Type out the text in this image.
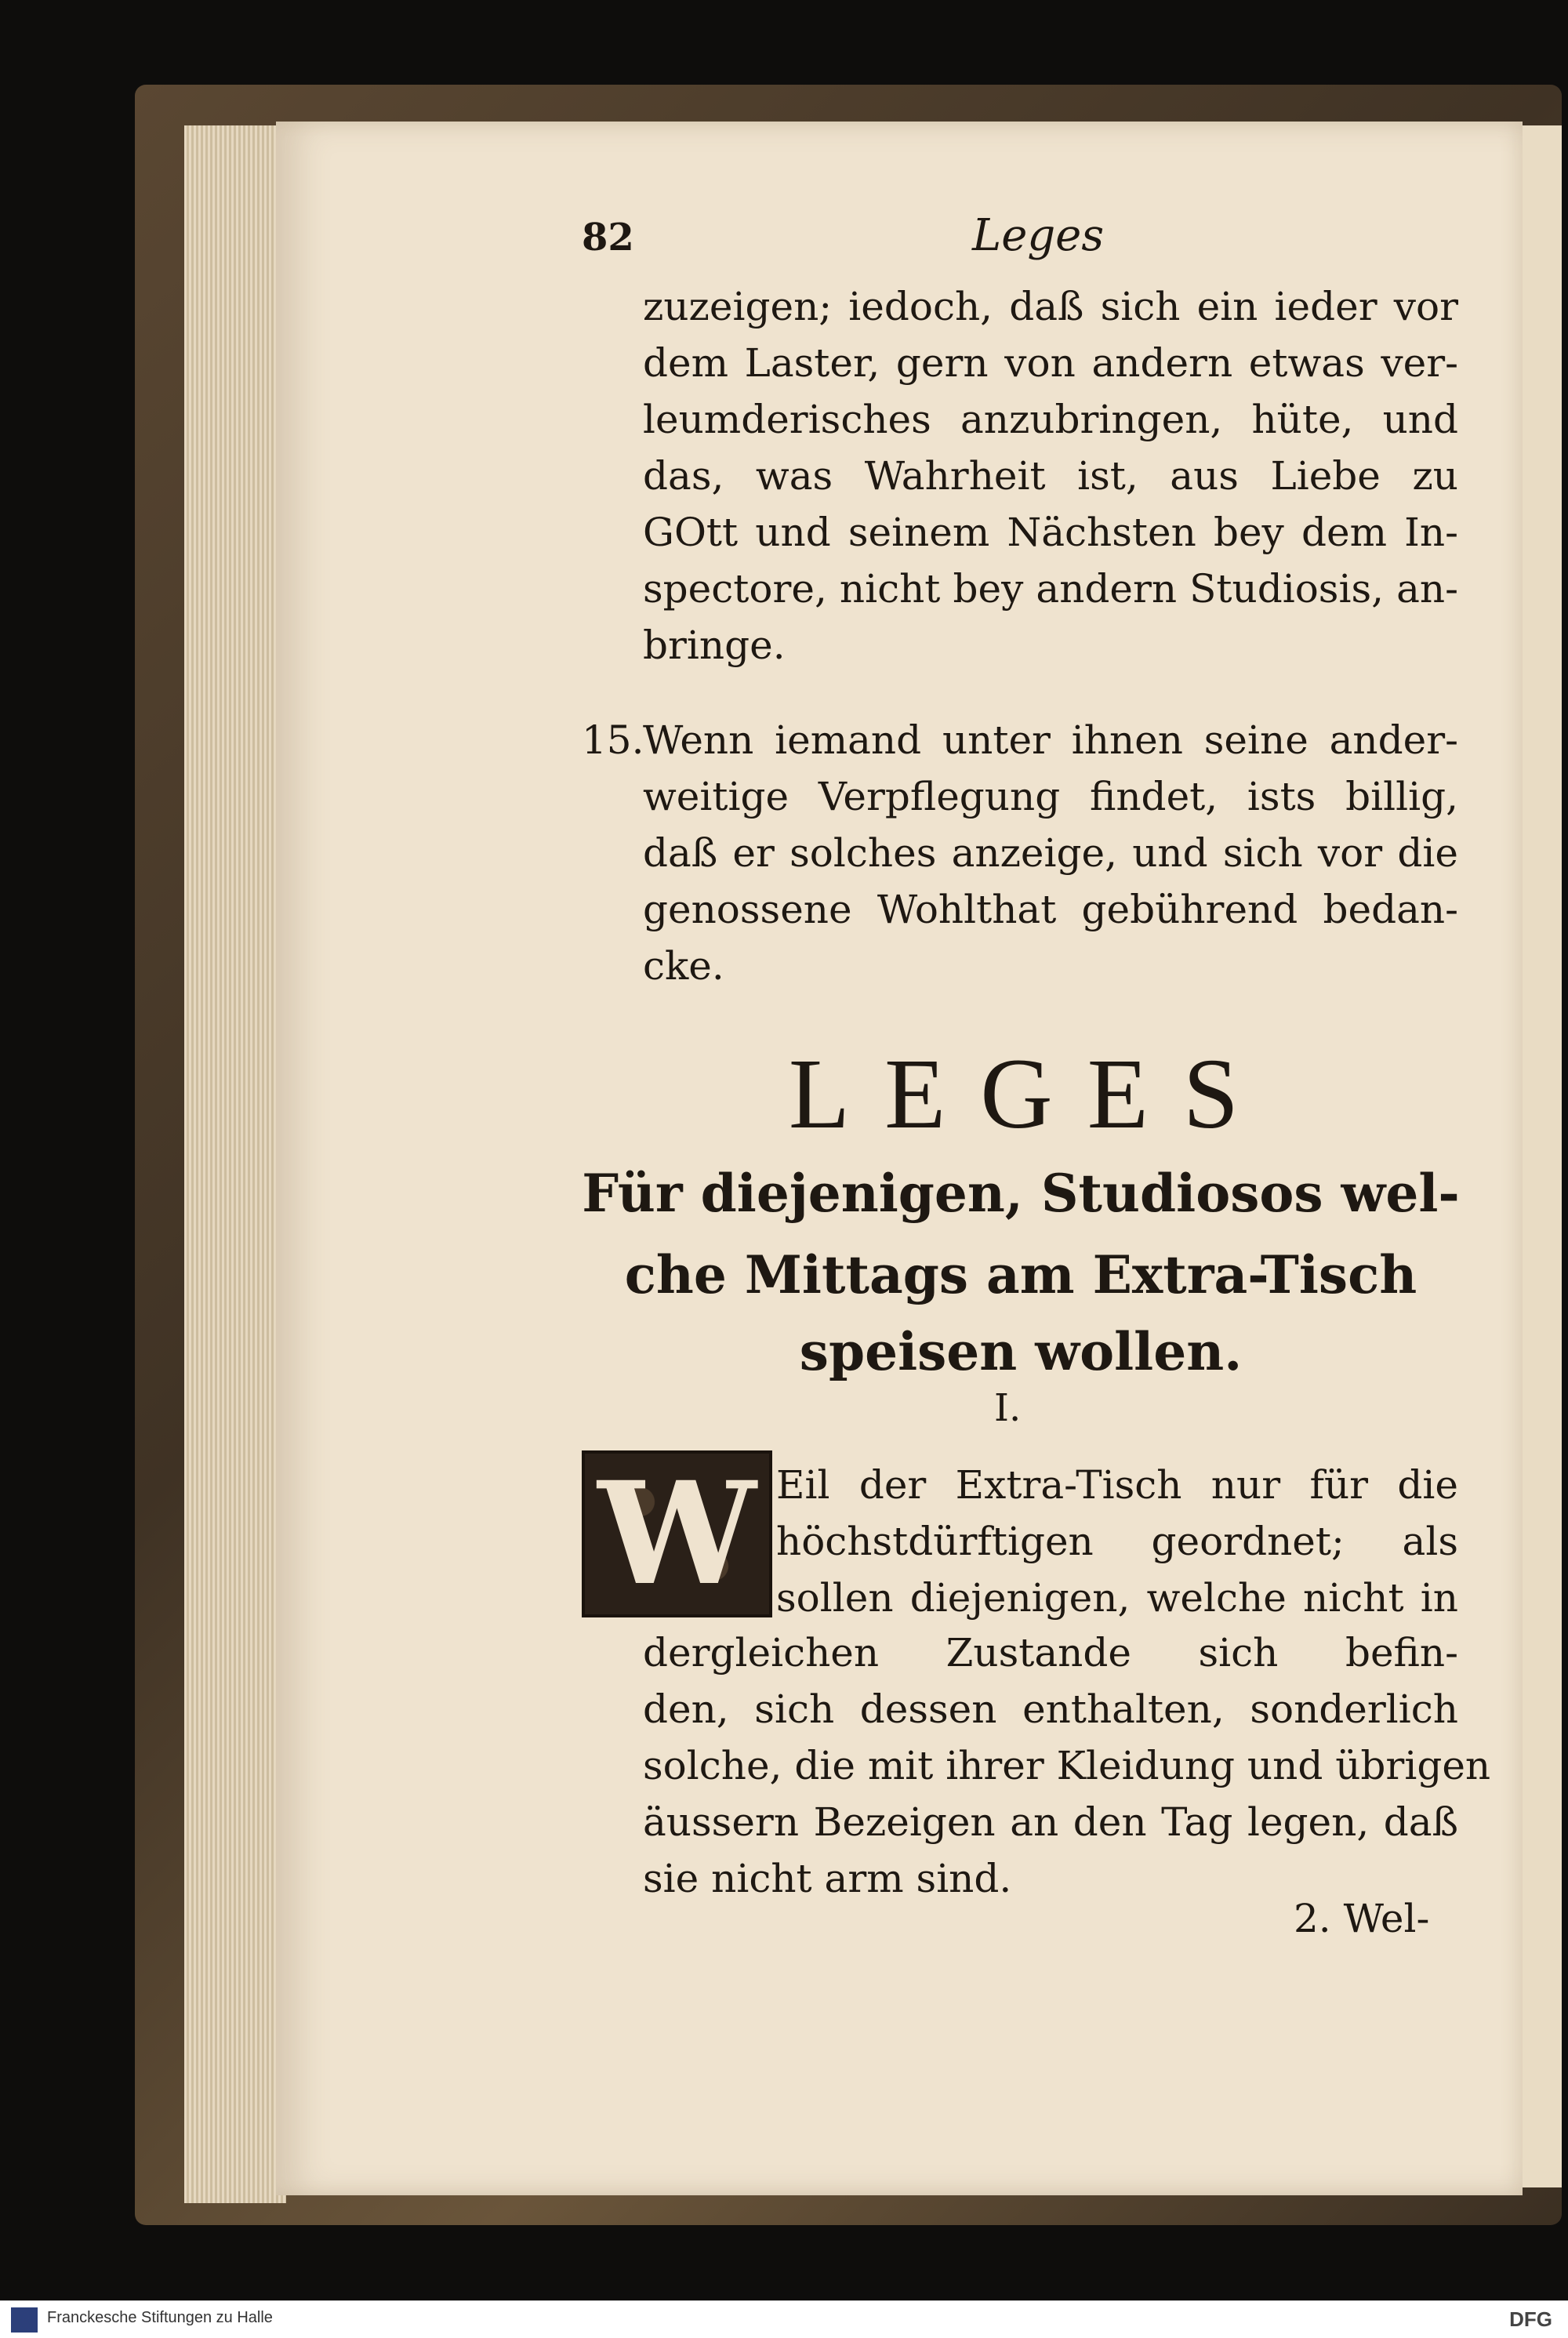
82	Leges
zuzeigen; iedoch, daß sich ein ieder vor
dem Laster, gern von andern etwas ver-
leumderisches anzubringen, hüte, und
das, was Wahrheit ist, aus Liebe zu
GOtt und seinem Nächsten bey dem In-
spectore, nicht bey andern Studiosis, an-
bringe.
15.
Wenn iemand unter ihnen seine ander-
weitige Verpflegung findet, ists billig,
daß er solches anzeige, und sich vor die
genossene Wohlthat gebührend bedan-
cke.
LEGES
Für diejenigen, Studiosos wel-
che Mittags am Extra-Tisch
speisen wollen.
I.
W Eil der Extra-Tisch nur für die
höchstdürftigen geordnet; als
sollen diejenigen, welche nicht in
dergleichen Zustande sich befin-
den, sich dessen enthalten, sonderlich
solche, die mit ihrer Kleidung und übrigen
äussern Bezeigen an den Tag legen, daß
sie nicht arm sind.
2. Wel-
Franckesche Stiftungen zu Halle	DFG
